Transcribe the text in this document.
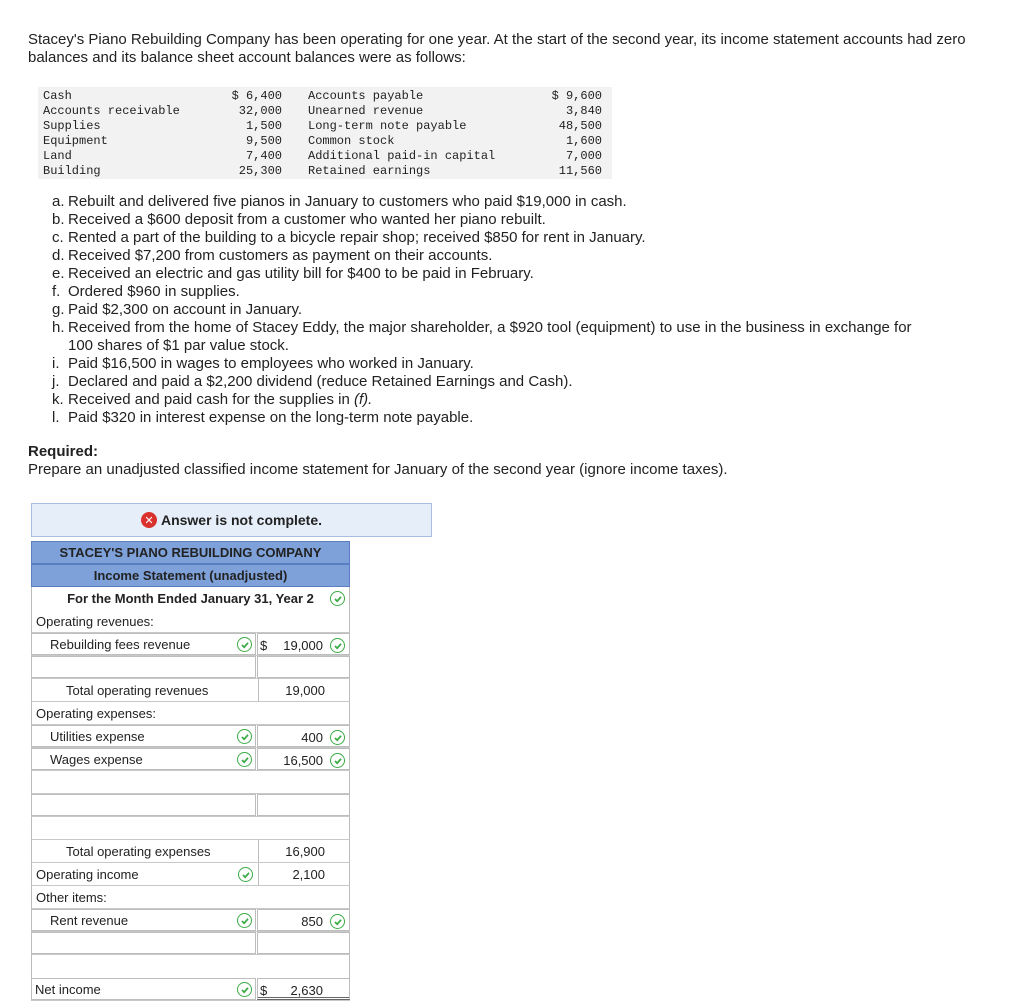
Stacey's Piano Rebuilding Company has been operating for one year. At the start of the second year, its income statement accounts had zero balances and its balance sheet account balances were as follows:
Cash	$ 6,400 Accounts payable	$ 9,600
Accounts receivable	32,000 Unearned revenue	3,840
Supplies	1,500 Long-term note payable	48,500
Equipment	9,500 Common stock	1,600
Land	7,400 Additional paid-in capital	7,000
Building	25,300 Retained earnings	11,560
a. Rebuilt and delivered five pianos in January to customers who paid $19,000 in cash.
b. Received a $600 deposit from a customer who wanted her piano rebuilt.
c. Rented a part of the building to a bicycle repair shop; received $850 for rent in January.
d. Received $7,200 from customers as payment on their accounts.
e. Received an electric and gas utility bill for $400 to be paid in February.
f. Ordered $960 in supplies.
g. Paid $2,300 on account in January.
h. Received from the home of Stacey Eddy, the major shareholder, a $920 tool (equipment) to use in the business in exchange for
100 shares of $1 par value stock.
i. Paid $16,500 in wages to employees who worked in January.
j. Declared and paid a $2,200 dividend (reduce Retained Earnings and Cash).
k. Received and paid cash for the supplies in (f).
l. Paid $320 in interest expense on the long-term note payable.
Required:
Prepare an unadjusted classified income statement for January of the second year (ignore income taxes).
✕ Answer is not complete.
STACEY'S PIANO REBUILDING COMPANY
Income Statement (unadjusted)
For the Month Ended January 31, Year 2
Operating revenues:
Rebuilding fees revenue	$ 19,000
Total operating revenues	19,000
Operating expenses:
Utilities expense	400
Wages expense	16,500
Total operating expenses	16,900
Operating income	2,100
Other items:
Rent revenue	850
Net income	$ 2,630
